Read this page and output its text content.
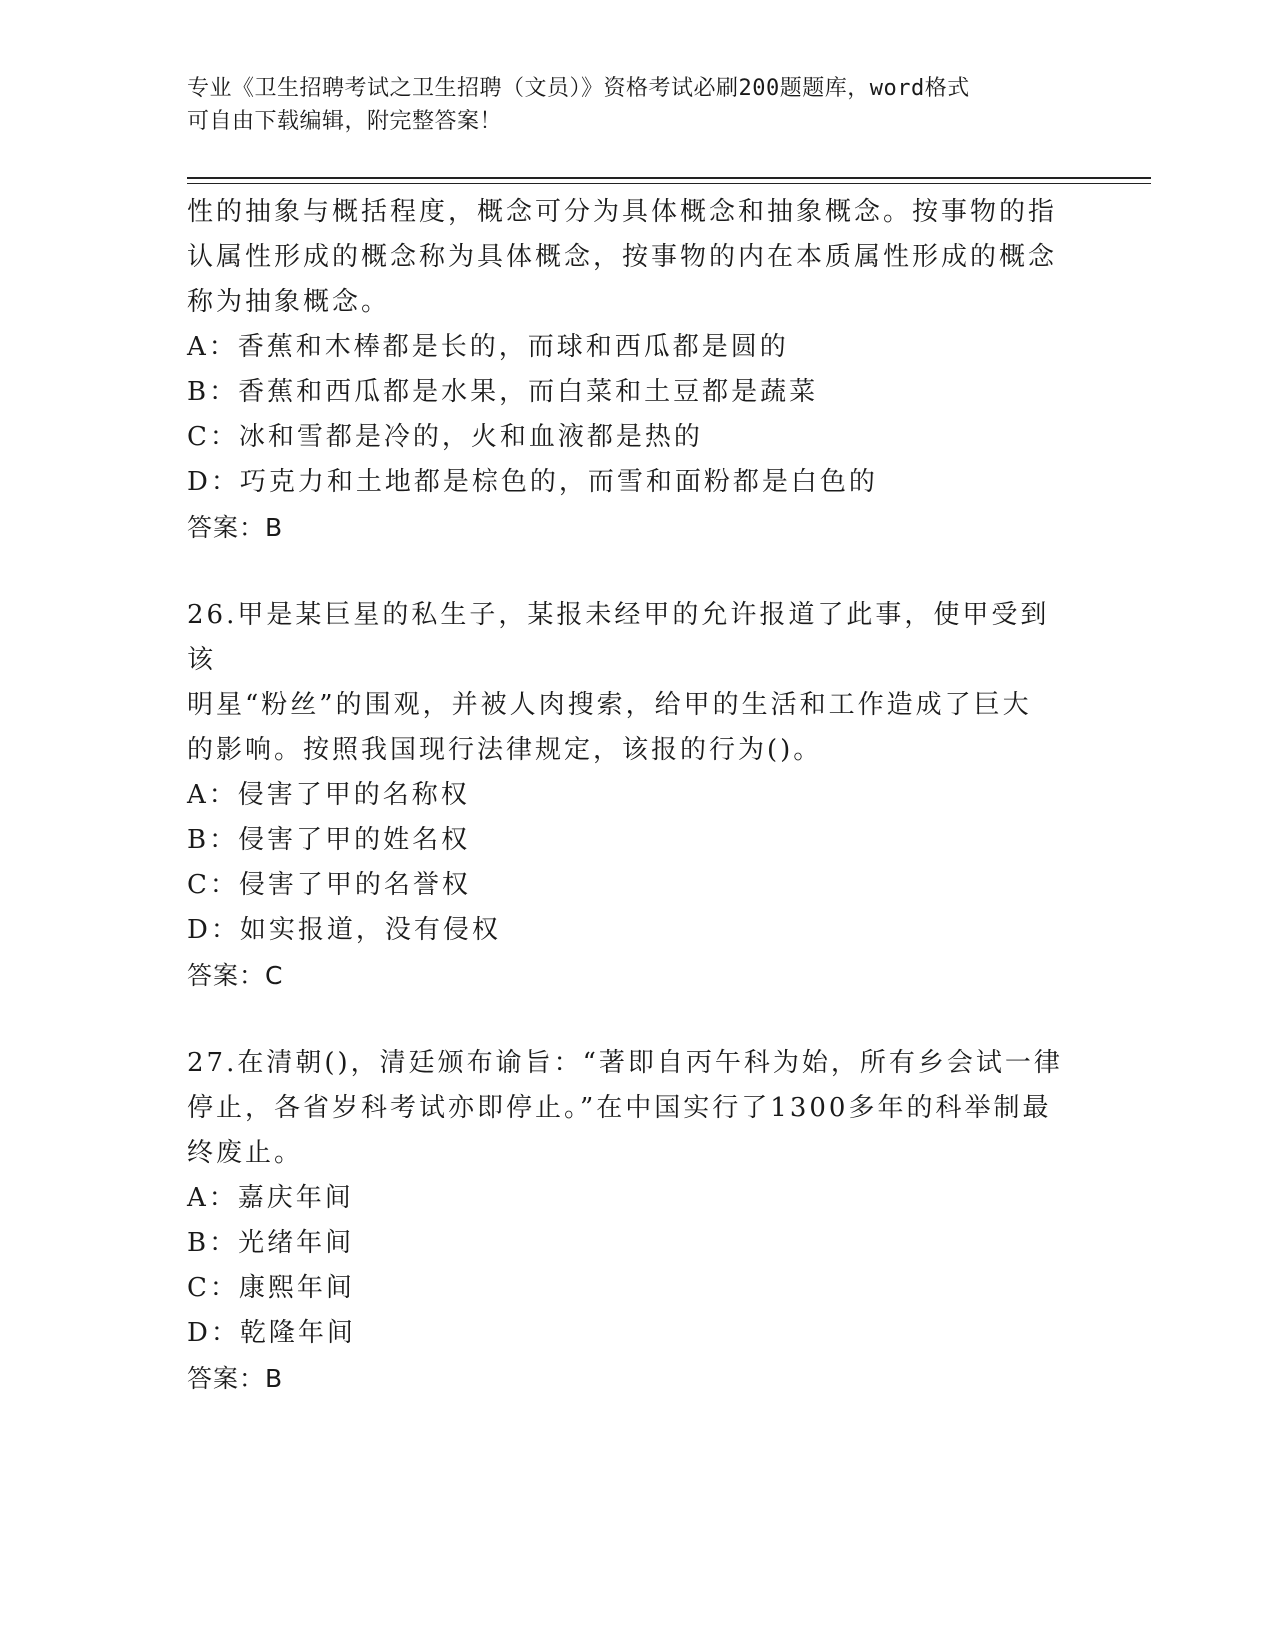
专业《卫生招聘考试之卫生招聘（文员）》资格考试必刷200题题库，word格式
可自由下载编辑，附完整答案！

性的抽象与概括程度，概念可分为具体概念和抽象概念。按事物的指

认属性形成的概念称为具体概念，按事物的内在本质属性形成的概念

称为抽象概念。

A：香蕉和木棒都是长的，而球和西瓜都是圆的

B：香蕉和西瓜都是水果，而白菜和土豆都是蔬菜

C：冰和雪都是冷的，火和血液都是热的

D：巧克力和土地都是棕色的，而雪和面粉都是白色的

答案：B

26.甲是某巨星的私生子，某报未经甲的允许报道了此事，使甲受到该

明星“粉丝”的围观，并被人肉搜索，给甲的生活和工作造成了巨大

的影响。按照我国现行法律规定，该报的行为()。

A：侵害了甲的名称权

B：侵害了甲的姓名权

C：侵害了甲的名誉权

D：如实报道，没有侵权

答案：C

27.在清朝()，清廷颁布谕旨：“著即自丙午科为始，所有乡会试一律

停止，各省岁科考试亦即停止。”在中国实行了1300多年的科举制最

终废止。

A：嘉庆年间

B：光绪年间

C：康熙年间

D：乾隆年间

答案：B
